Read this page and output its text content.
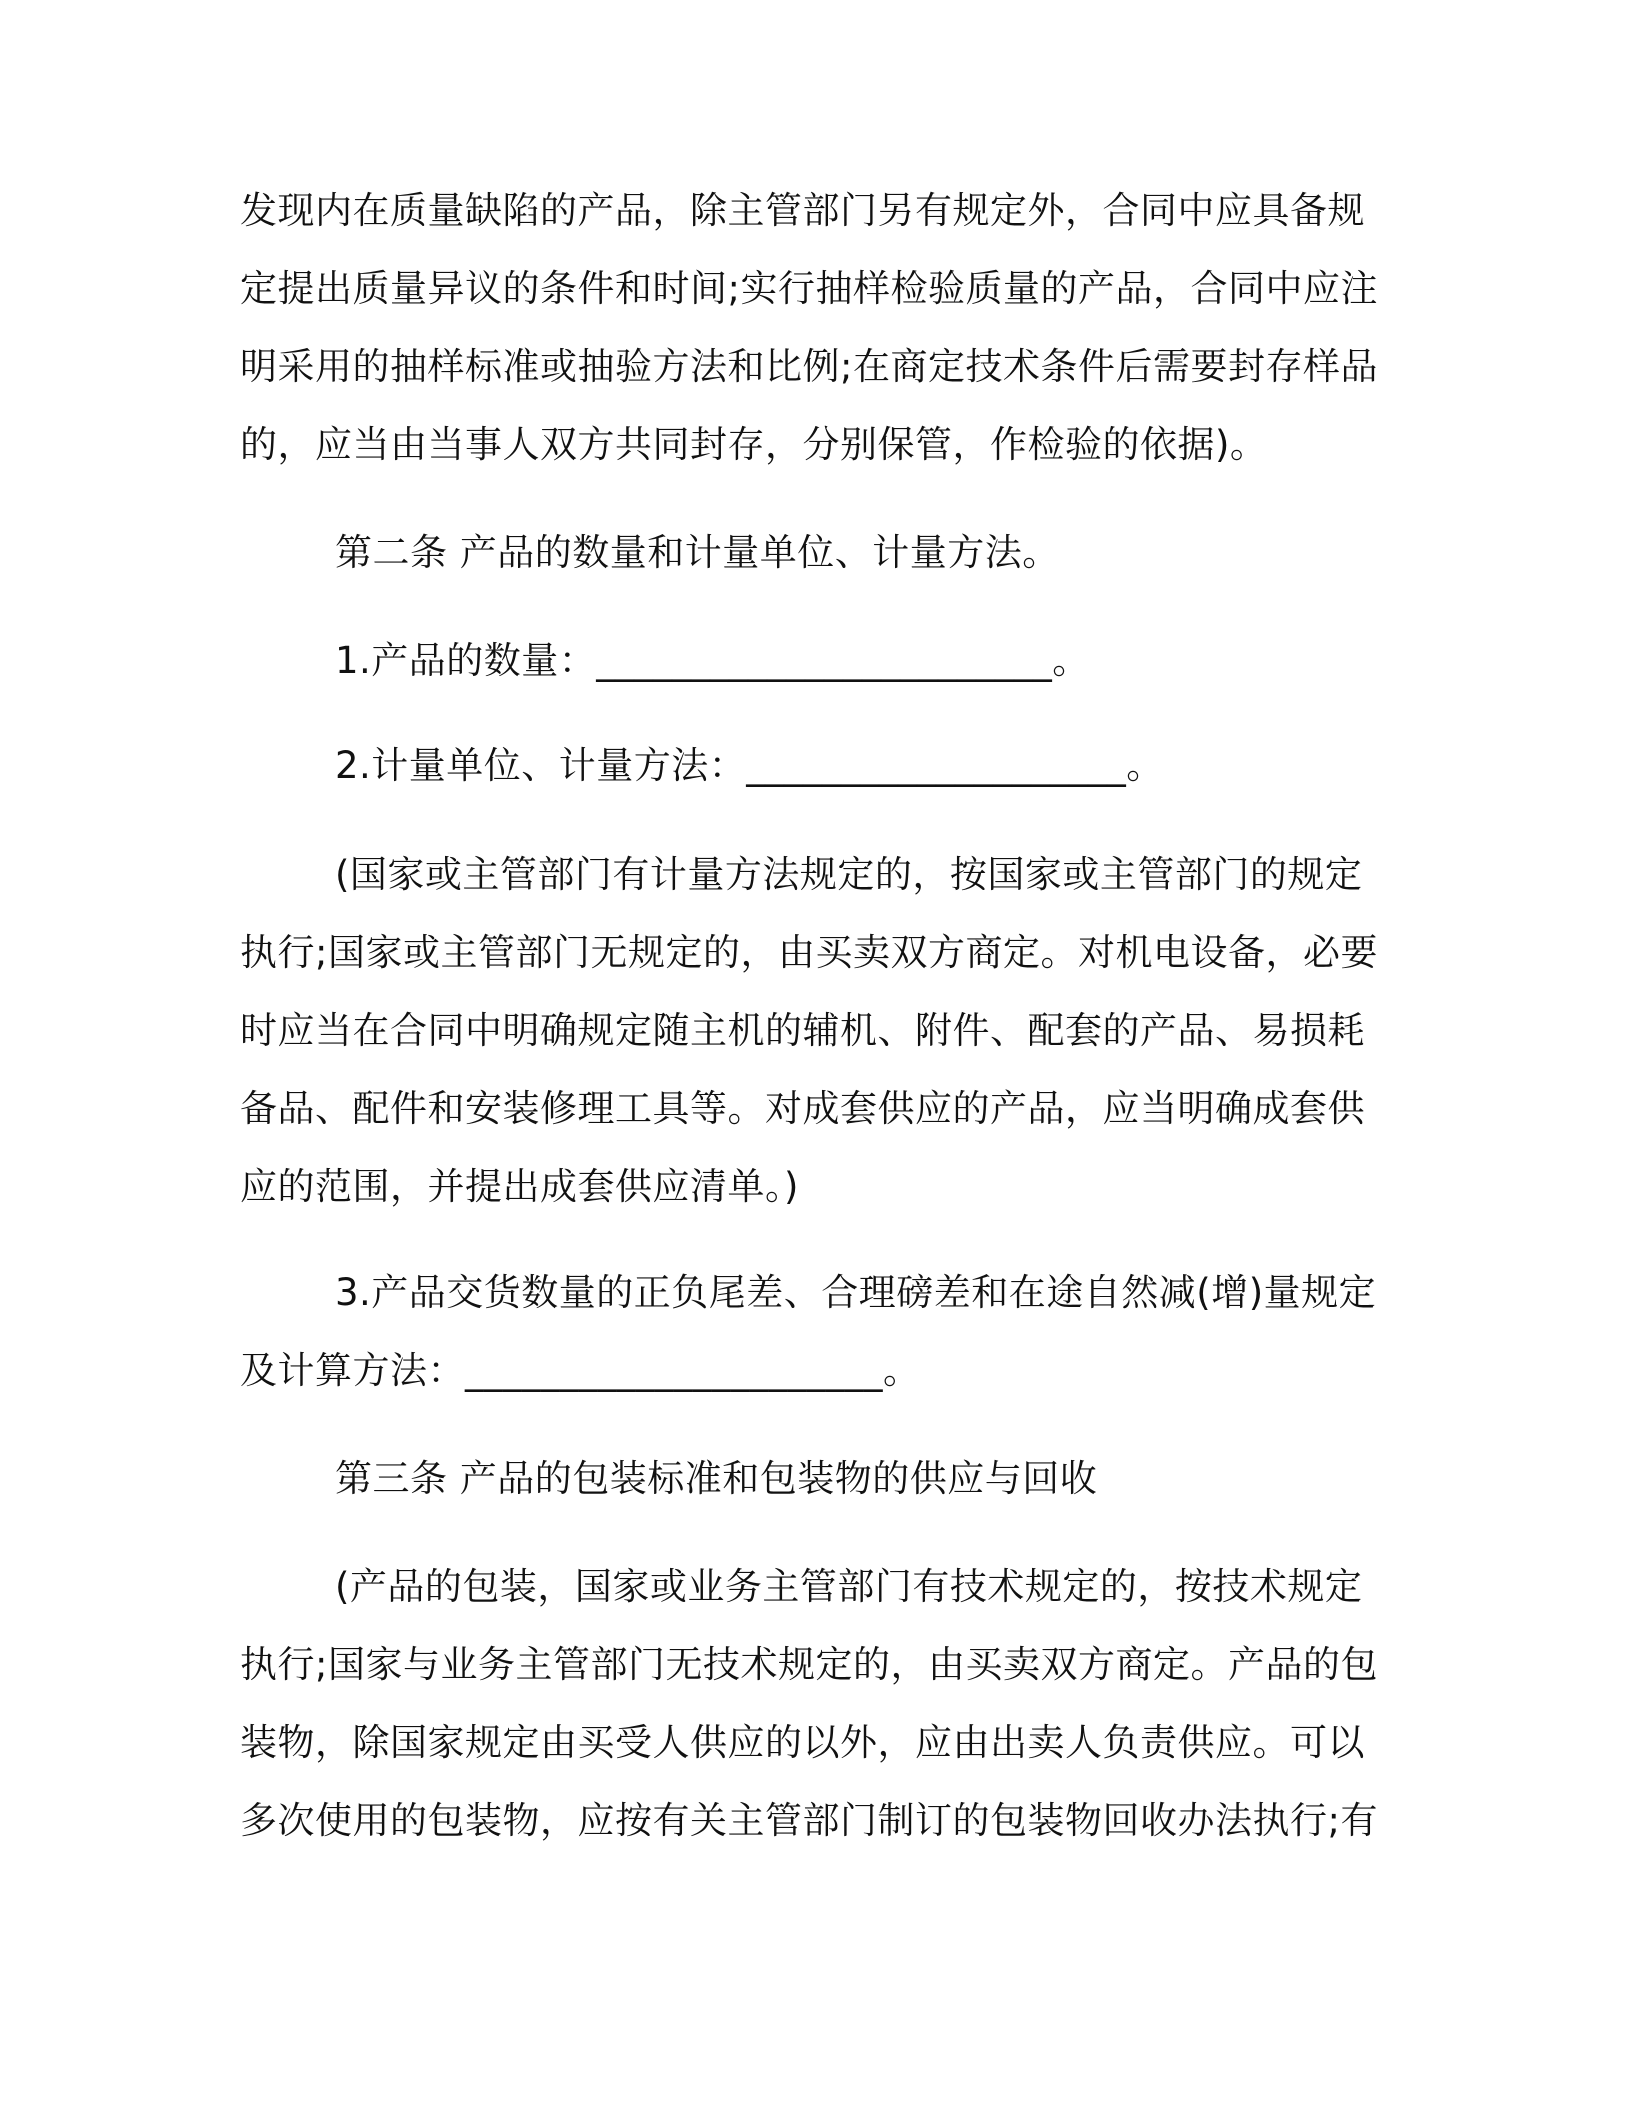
发现内在质量缺陷的产品，除主管部门另有规定外，合同中应具备规
定提出质量异议的条件和时间;实行抽样检验质量的产品，合同中应注
明采用的抽样标准或抽验方法和比例;在商定技术条件后需要封存样品
的，应当由当事人双方共同封存，分别保管，作检验的依据)。
第二条 产品的数量和计量单位、计量方法。
1.产品的数量：________________________。
2.计量单位、计量方法：____________________。
(国家或主管部门有计量方法规定的，按国家或主管部门的规定
执行;国家或主管部门无规定的，由买卖双方商定。对机电设备，必要
时应当在合同中明确规定随主机的辅机、附件、配套的产品、易损耗
备品、配件和安装修理工具等。对成套供应的产品，应当明确成套供
应的范围，并提出成套供应清单。)
3.产品交货数量的正负尾差、合理磅差和在途自然减(增)量规定
及计算方法：______________________。
第三条 产品的包装标准和包装物的供应与回收
(产品的包装，国家或业务主管部门有技术规定的，按技术规定
执行;国家与业务主管部门无技术规定的，由买卖双方商定。产品的包
装物，除国家规定由买受人供应的以外，应由出卖人负责供应。可以
多次使用的包装物，应按有关主管部门制订的包装物回收办法执行;有
